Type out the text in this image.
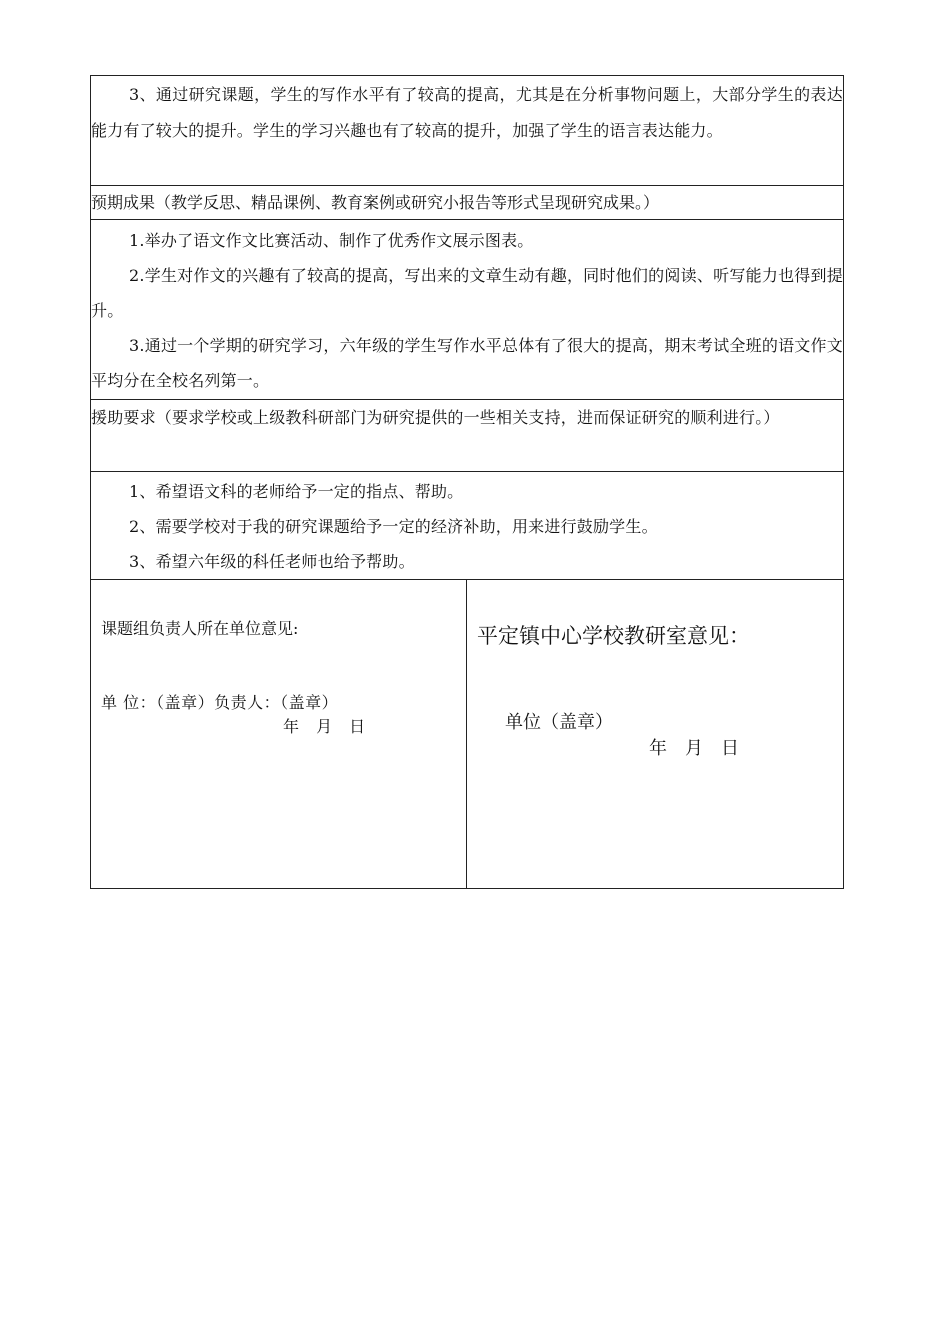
3、通过研究课题，学生的写作水平有了较高的提高，尤其是在分析事物问题上，大部分学生的表达能力有了较大的提升。学生的学习兴趣也有了较高的提升，加强了学生的语言表达能力。

预期成果（教学反思、精品课例、教育案例或研究小报告等形式呈现研究成果。）

1.举办了语文作文比赛活动、制作了优秀作文展示图表。

2.学生对作文的兴趣有了较高的提高，写出来的文章生动有趣，同时他们的阅读、听写能力也得到提升。

3.通过一个学期的研究学习，六年级的学生写作水平总体有了很大的提高，期末考试全班的语文作文平均分在全校名列第一。

援助要求（要求学校或上级教科研部门为研究提供的一些相关支持，进而保证研究的顺利进行。）

1、希望语文科的老师给予一定的指点、帮助。

2、需要学校对于我的研究课题给予一定的经济补助，用来进行鼓励学生。

3、希望六年级的科任老师也给予帮助。

课题组负责人所在单位意见:
单 位：（盖章）负责人：（盖章）
年 月 日
平定镇中心学校教研室意见：
单位（盖章）
年 月 日
